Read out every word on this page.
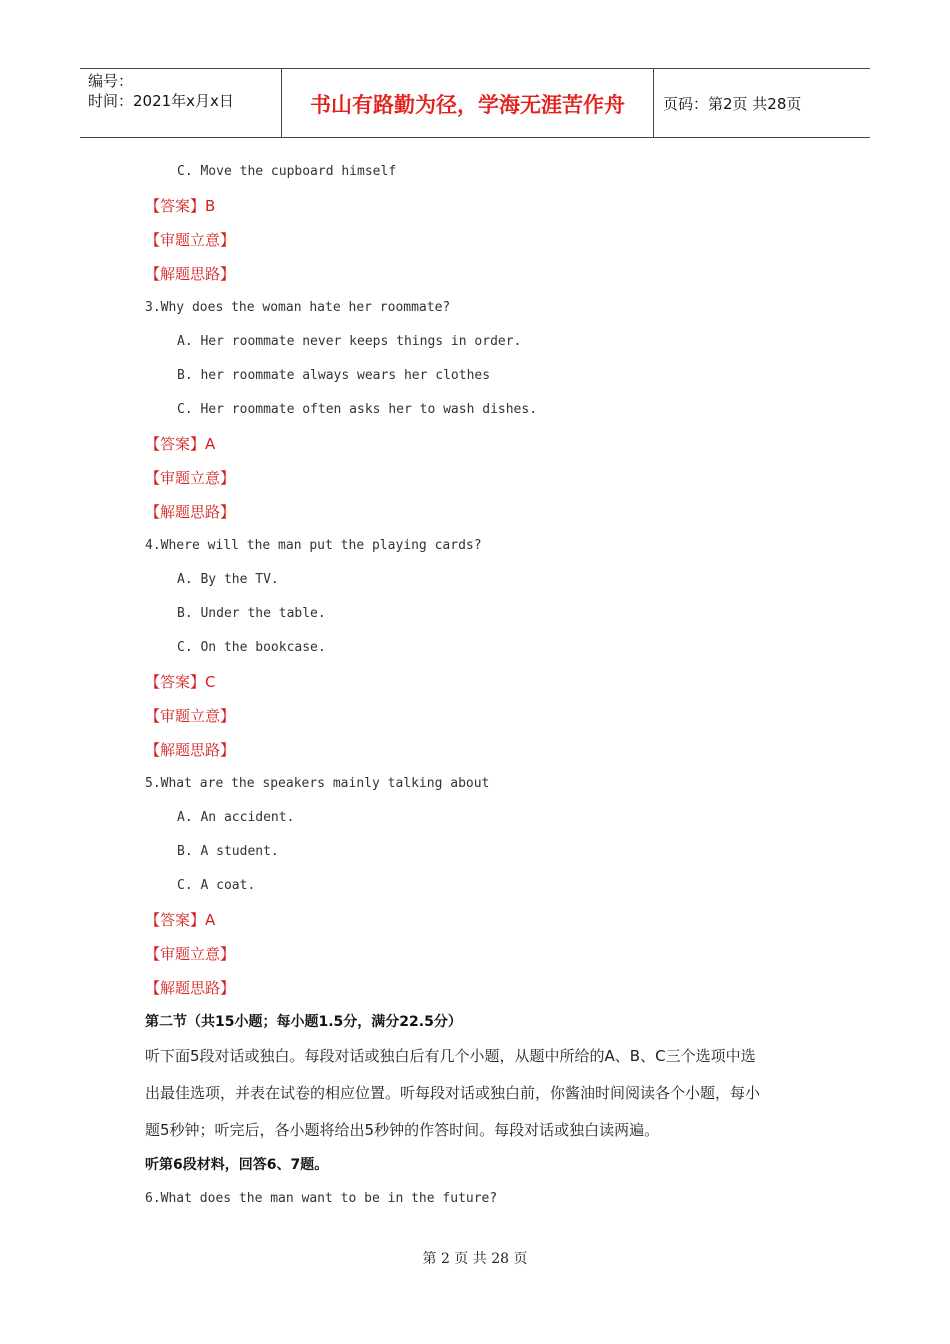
编号：
时间：2021年x月x日	书山有路勤为径，学海无涯苦作舟	页码：第2页 共28页
C. Move the cupboard himself
【答案】B
【审题立意】
【解题思路】
3.Why does the woman hate her roommate?
A. Her roommate never keeps things in order.
B. her roommate always wears her clothes
C. Her roommate often asks her to wash dishes.
【答案】A
【审题立意】
【解题思路】
4.Where will the man put the playing cards?
A. By the TV.
B. Under the table.
C. On the bookcase.
【答案】C
【审题立意】
【解题思路】
5.What are the speakers mainly talking about
A. An accident.
B. A student.
C. A coat.
【答案】A
【审题立意】
【解题思路】
第二节（共15小题；每小题1.5分，满分22.5分）
听下面5段对话或独白。每段对话或独白后有几个小题，从题中所给的A、B、C三个选项中选
出最佳选项，并表在试卷的相应位置。听每段对话或独白前，你酱油时间阅读各个小题，每小
题5秒钟；听完后，各小题将给出5秒钟的作答时间。每段对话或独白读两遍。
听第6段材料，回答6、7题。
6.What does the man want to be in the future?
第 2 页 共 28 页
